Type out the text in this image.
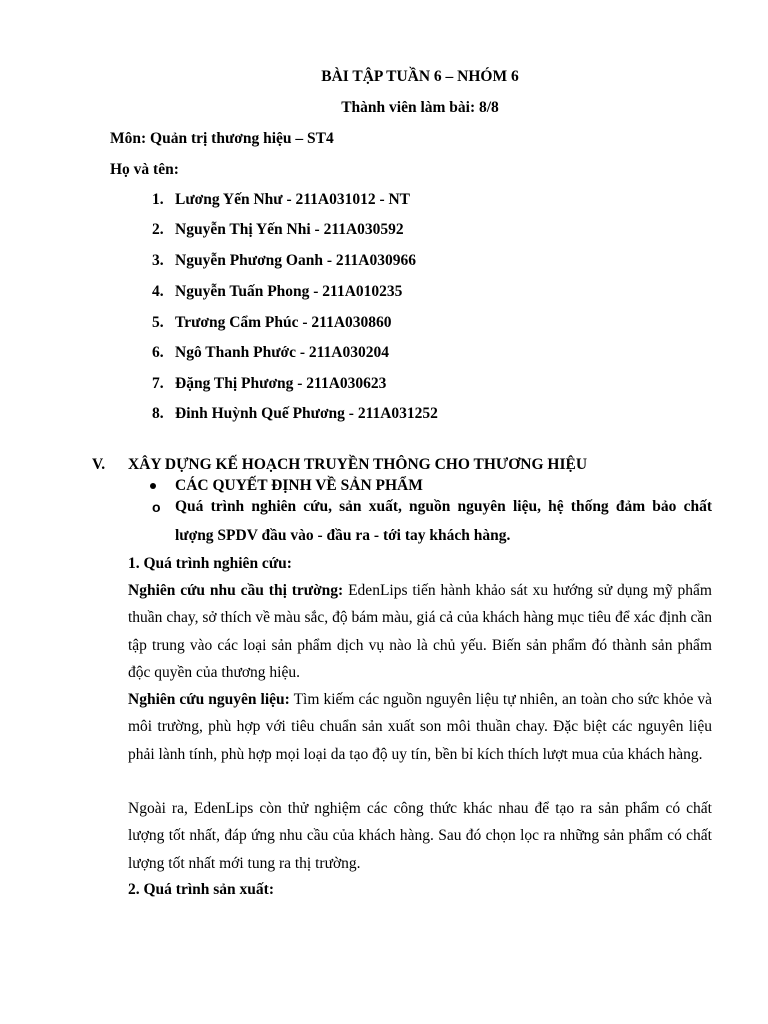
BÀI TẬP TUẦN 6 – NHÓM 6
Thành viên làm bài: 8/8
Môn: Quản trị thương hiệu – ST4
Họ và tên:
1. Lương Yến Như - 211A031012 - NT
2. Nguyễn Thị Yến Nhi - 211A030592
3. Nguyễn Phương Oanh - 211A030966
4. Nguyễn Tuấn Phong - 211A010235
5. Trương Cẩm Phúc - 211A030860
6. Ngô Thanh Phước - 211A030204
7. Đặng Thị Phương - 211A030623
8. Đinh Huỳnh Quế Phương - 211A031252
V. XÂY DỰNG KẾ HOẠCH TRUYỀN THÔNG CHO THƯƠNG HIỆU
CÁC QUYẾT ĐỊNH VỀ SẢN PHẨM
o Quá trình nghiên cứu, sản xuất, nguồn nguyên liệu, hệ thống đảm bảo chất
lượng SPDV đầu vào - đầu ra - tới tay khách hàng.
1. Quá trình nghiên cứu:
Nghiên cứu nhu cầu thị trường: EdenLips tiến hành khảo sát xu hướng sử dụng mỹ phẩm thuần chay, sở thích về màu sắc, độ bám màu, giá cả của khách hàng mục tiêu để xác định cần tập trung vào các loại sản phẩm dịch vụ nào là chủ yếu. Biến sản phẩm đó thành sản phẩm độc quyền của thương hiệu.
Nghiên cứu nguyên liệu: Tìm kiếm các nguồn nguyên liệu tự nhiên, an toàn cho sức khỏe và môi trường, phù hợp với tiêu chuẩn sản xuất son môi thuần chay. Đặc biệt các nguyên liệu phải lành tính, phù hợp mọi loại da tạo độ uy tín, bền bỉ kích thích lượt mua của khách hàng.
Ngoài ra, EdenLips còn thử nghiệm các công thức khác nhau để tạo ra sản phẩm có chất lượng tốt nhất, đáp ứng nhu cầu của khách hàng. Sau đó chọn lọc ra những sản phẩm có chất lượng tốt nhất mới tung ra thị trường.
2. Quá trình sản xuất:
